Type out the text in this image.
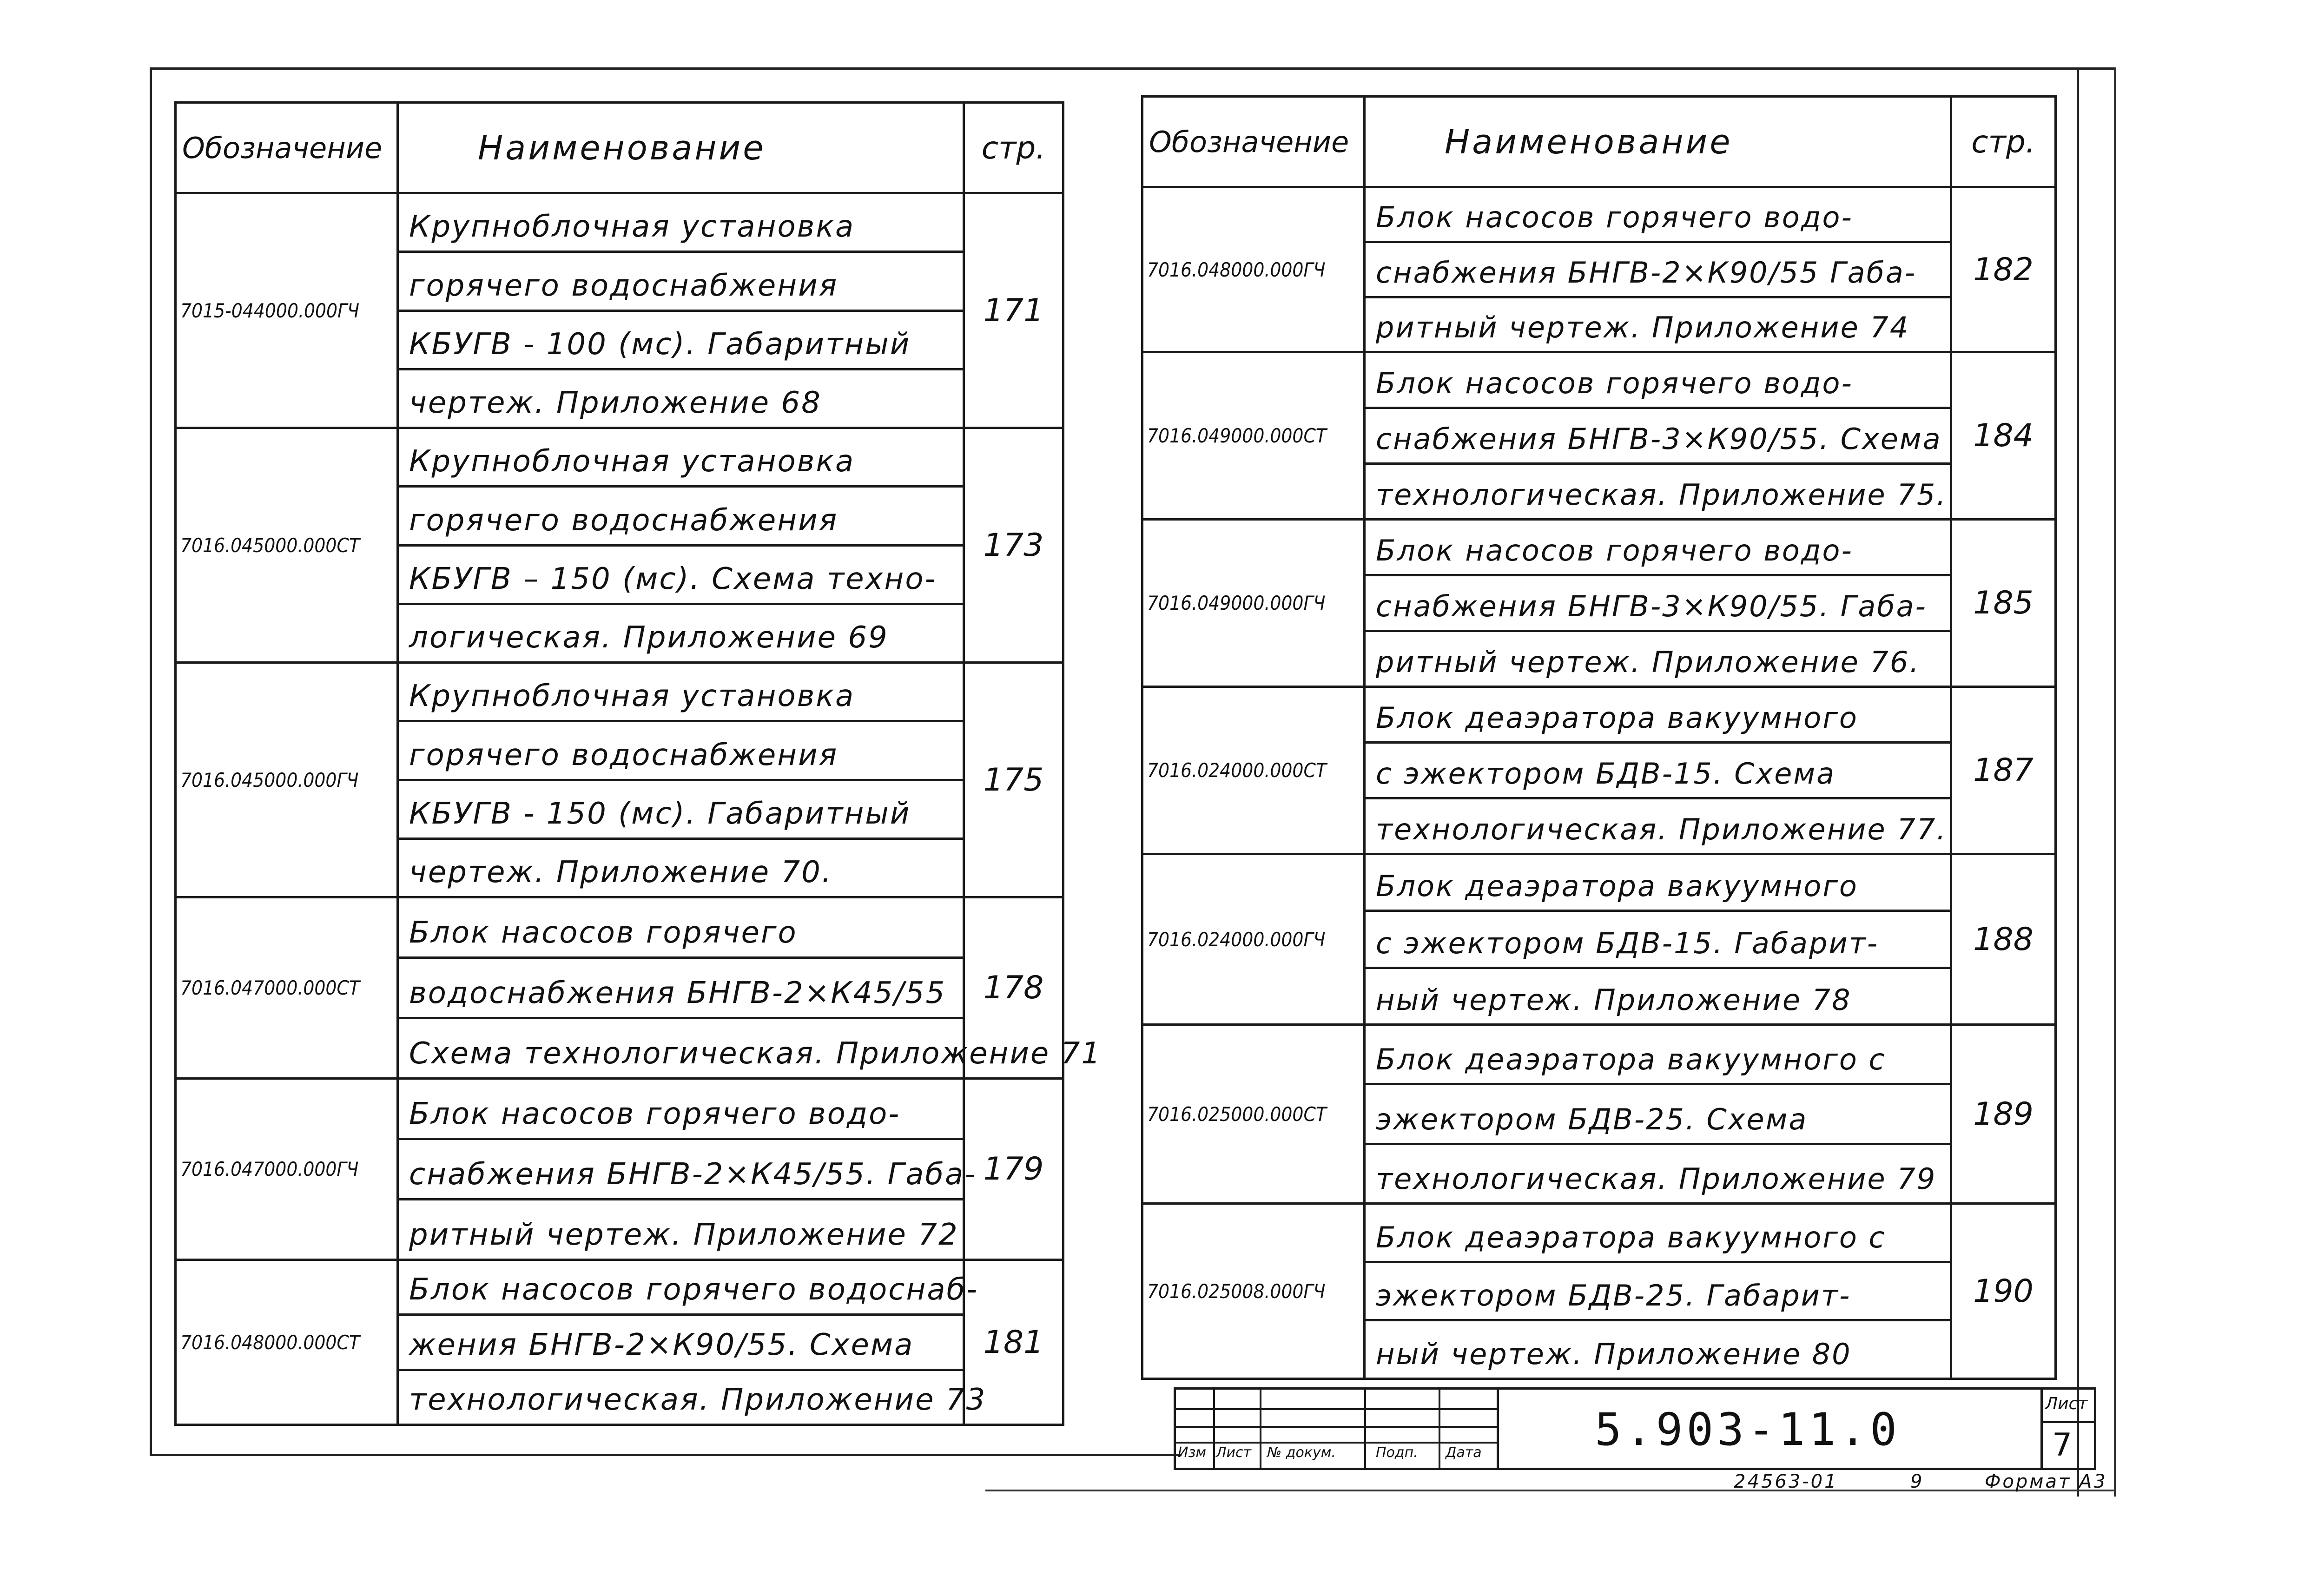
Обозначение	Наименование	стр.
7015-044000.000ГЧ	Крупноблочная установка
горячего водоснабжения
КБУГВ - 100 (мс). Габаритный
чертеж. Приложение 68	171
7016.045000.000СТ	Крупноблочная установка
горячего водоснабжения
КБУГВ – 150 (мс). Схема техно-
логическая. Приложение 69	173
7016.045000.000ГЧ	Крупноблочная установка
горячего водоснабжения
КБУГВ - 150 (мс). Габаритный
чертеж. Приложение 70.	175
7016.047000.000СТ	Блок насосов горячего
водоснабжения БНГВ-2×К45/55
Схема технологическая. Приложение 71	178
7016.047000.000ГЧ	Блок насосов горячего водо-
снабжения БНГВ-2×К45/55. Габа-
ритный чертеж. Приложение 72	179
7016.048000.000СТ	Блок насосов горячего водоснаб-
жения БНГВ-2×К90/55. Схема
технологическая. Приложение 73	181
Обозначение	Наименование	стр.
7016.048000.000ГЧ	Блок насосов горячего водо-
снабжения БНГВ-2×К90/55 Габа-
ритный чертеж. Приложение 74	182
7016.049000.000СТ	Блок насосов горячего водо-
снабжения БНГВ-3×К90/55. Схема
технологическая. Приложение 75.	184
7016.049000.000ГЧ	Блок насосов горячего водо-
снабжения БНГВ-3×К90/55. Габа-
ритный чертеж. Приложение 76.	185
7016.024000.000СТ	Блок деаэратора вакуумного
с эжектором БДВ-15. Схема
технологическая. Приложение 77.	187
7016.024000.000ГЧ	Блок деаэратора вакуумного
с эжектором БДВ-15. Габарит-
ный чертеж. Приложение 78	188
7016.025000.000СТ	Блок деаэратора вакуумного с
эжектором БДВ-25. Схема
технологическая. Приложение 79	189
7016.025008.000ГЧ	Блок деаэратора вакуумного с
эжектором БДВ-25. Габарит-
ный чертеж. Приложение 80	190
Изм Лист № докум.	Подп. Дата	5.903-11.0	Лист
7
24563-01	9	Формат А3
